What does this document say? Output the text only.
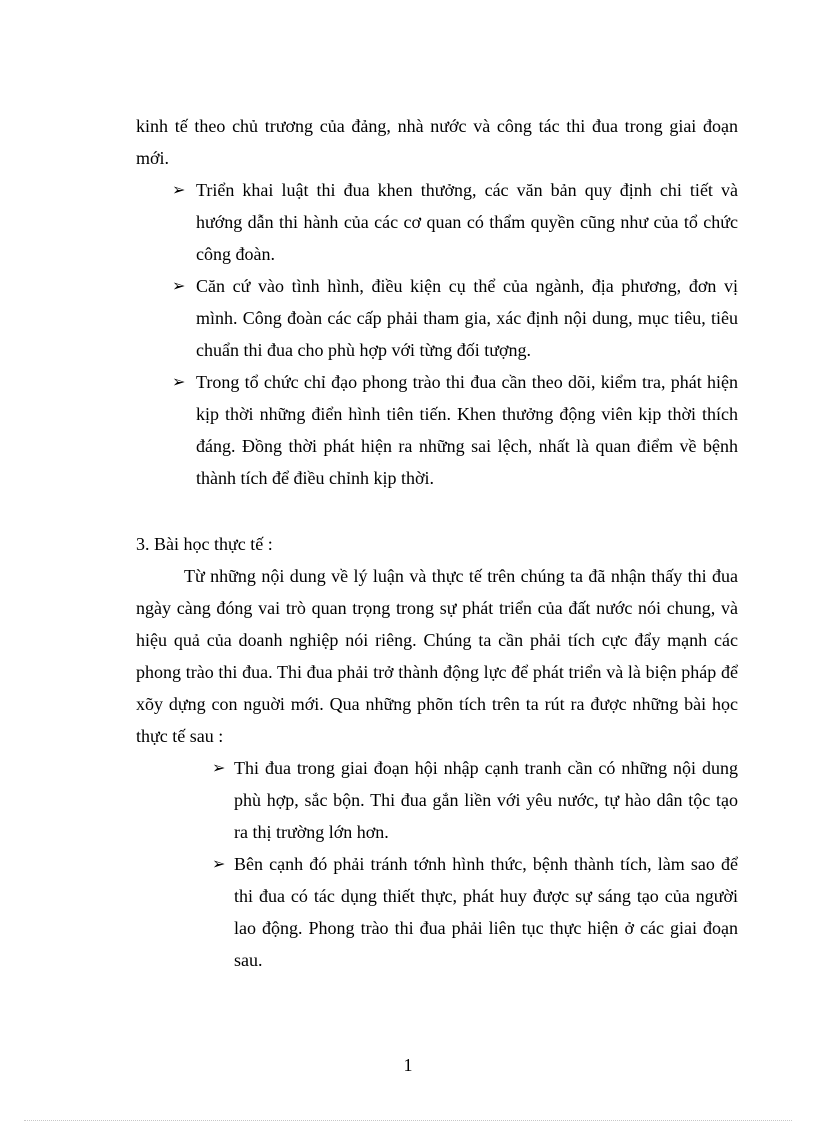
kinh tế theo chủ trương của đảng, nhà nước và công tác thi đua trong giai đoạn mới.

➢ Triển khai luật thi đua khen thưởng, các văn bản quy định chi tiết và hướng dẫn thi hành của các cơ quan có thẩm quyền cũng như của tổ chức công đoàn.

➢ Căn cứ vào tình hình, điều kiện cụ thể của ngành, địa phương, đơn vị mình. Công đoàn các cấp phải tham gia, xác định nội dung, mục tiêu, tiêu chuẩn thi đua cho phù hợp với từng đối tượng.

➢ Trong tổ chức chỉ đạo phong trào thi đua cần theo dõi, kiểm tra, phát hiện kịp thời những điển hình tiên tiến. Khen thưởng động viên kịp thời thích đáng. Đồng thời phát hiện ra những sai lệch, nhất là quan điểm về bệnh thành tích để điều chỉnh kịp thời.

3. Bài học thực tế :

Từ những nội dung về lý luận và thực tế trên chúng ta đã nhận thấy thi đua ngày càng đóng vai trò quan trọng trong sự phát triển của đất nước nói chung, và hiệu quả của doanh nghiệp nói riêng. Chúng ta cần phải tích cực đẩy mạnh các phong trào thi đua. Thi đua phải trở thành động lực để phát triển và là biện pháp để xõy dựng con nguời mới. Qua những phõn tích trên ta rút ra được những bài học thực tế sau :

➢ Thi đua trong giai đoạn hội nhập cạnh tranh cần có những nội dung phù hợp, sắc bộn. Thi đua gắn liền với yêu nước, tự hào dân tộc tạo ra thị trường lớn hơn.

➢ Bên cạnh đó phải tránh tớnh hình thức, bệnh thành tích, làm sao để thi đua có tác dụng thiết thực, phát huy được sự sáng tạo của người lao động. Phong trào thi đua phải liên tục thực hiện ở các giai đoạn sau.

1
